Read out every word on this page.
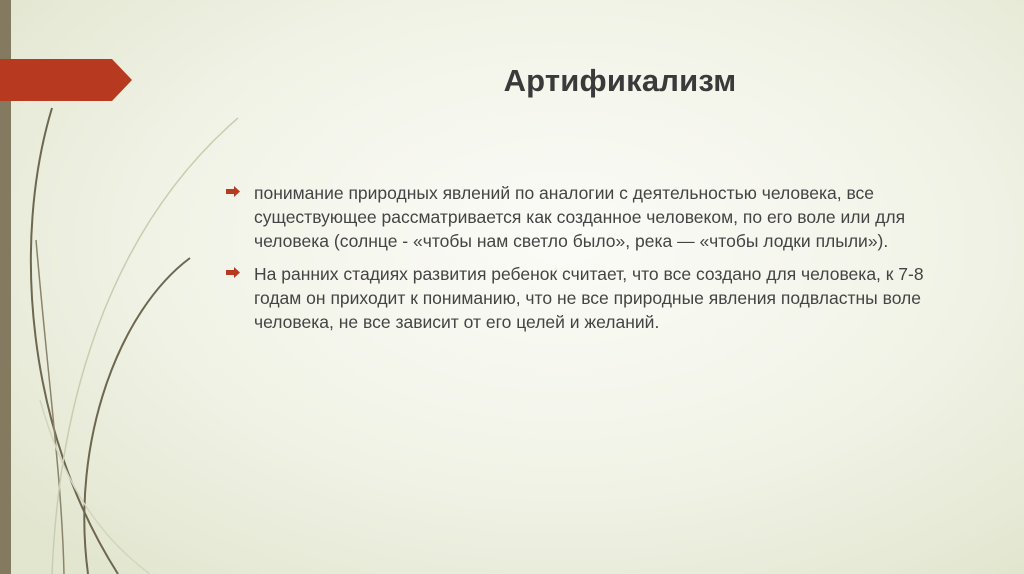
Артификализм
понимание природных явлений по аналогии с деятельностью человека, все существующее рассматривается как созданное человеком, по его воле или для человека (солнце - «чтобы нам светло было», река — «чтобы лодки плыли»).
На ранних стадиях развития ребенок считает, что все создано для человека, к 7-8 годам он приходит к пониманию, что не все природные явления подвластны воле человека, не все зависит от его целей и желаний.
